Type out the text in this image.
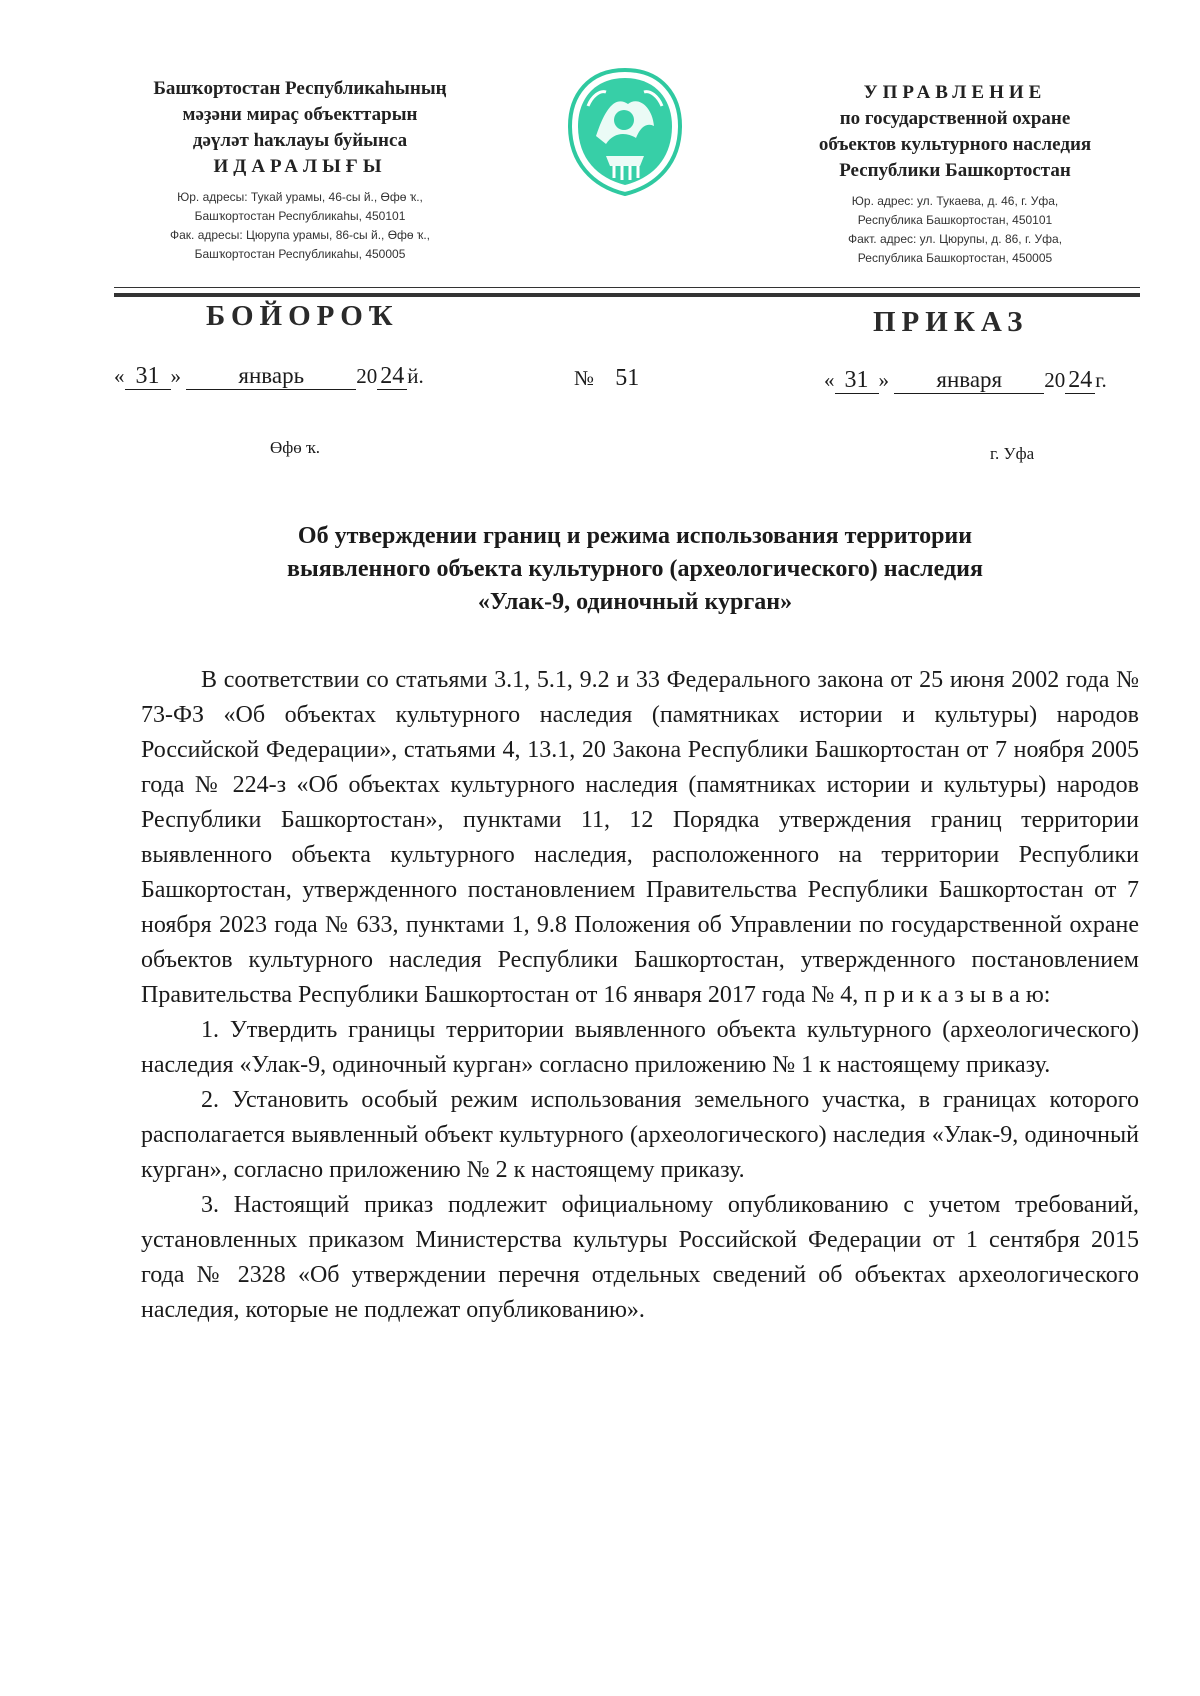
Башҡортостан Республикаһының
мәҙәни мираҫ объекттарын
дәүләт һаҡлауы буйынса
ИДАРАЛЫҒЫ
Юр. адресы: Тукай урамы, 46-сы й., Өфө ҡ.,
Башҡортостан Республикаһы, 450101
Фак. адресы: Цюрупа урамы, 86-сы й., Өфө ҡ.,
Башҡортостан Республикаһы, 450005
УПРАВЛЕНИЕ
по государственной охране
объектов культурного наследия
Республики Башкортостан
Юр. адрес: ул. Тукаева, д. 46, г. Уфа,
Республика Башкортостан, 450101
Факт. адрес: ул. Цюрупы, д. 86, г. Уфа,
Республика Башкортостан, 450005
БОЙОРОҠ	ПРИКАЗ
« 31 » январь 20 24 й.	№ 51	« 31 » января 20 24 г.
Өфө ҡ.	г. Уфа
Об утверждении границ и режима использования территории
выявленного объекта культурного (археологического) наследия
«Улак-9, одиночный курган»

В соответствии со статьями 3.1, 5.1, 9.2 и 33 Федерального закона от 25 июня 2002 года № 73-ФЗ «Об объектах культурного наследия (памятниках истории и культуры) народов Российской Федерации», статьями 4, 13.1, 20 Закона Республики Башкортостан от 7 ноября 2005 года № 224-з «Об объектах культурного наследия (памятниках истории и культуры) народов Республики Башкортостан», пунктами 11, 12 Порядка утверждения границ территории выявленного объекта культурного наследия, расположенного на территории Республики Башкортостан, утвержденного постановлением Правительства Республики Башкортостан от 7 ноября 2023 года № 633, пунктами 1, 9.8 Положения об Управлении по государственной охране объектов культурного наследия Республики Башкортостан, утвержденного постановлением Правительства Республики Башкортостан от 16 января 2017 года № 4, п р и к а з ы в а ю:

1. Утвердить границы территории выявленного объекта культурного (археологического) наследия «Улак-9, одиночный курган» согласно приложению № 1 к настоящему приказу.

2. Установить особый режим использования земельного участка, в границах которого располагается выявленный объект культурного (археологического) наследия «Улак-9, одиночный курган», согласно приложению № 2 к настоящему приказу.

3. Настоящий приказ подлежит официальному опубликованию с учетом требований, установленных приказом Министерства культуры Российской Федерации от 1 сентября 2015 года № 2328 «Об утверждении перечня отдельных сведений об объектах археологического наследия, которые не подлежат опубликованию».
